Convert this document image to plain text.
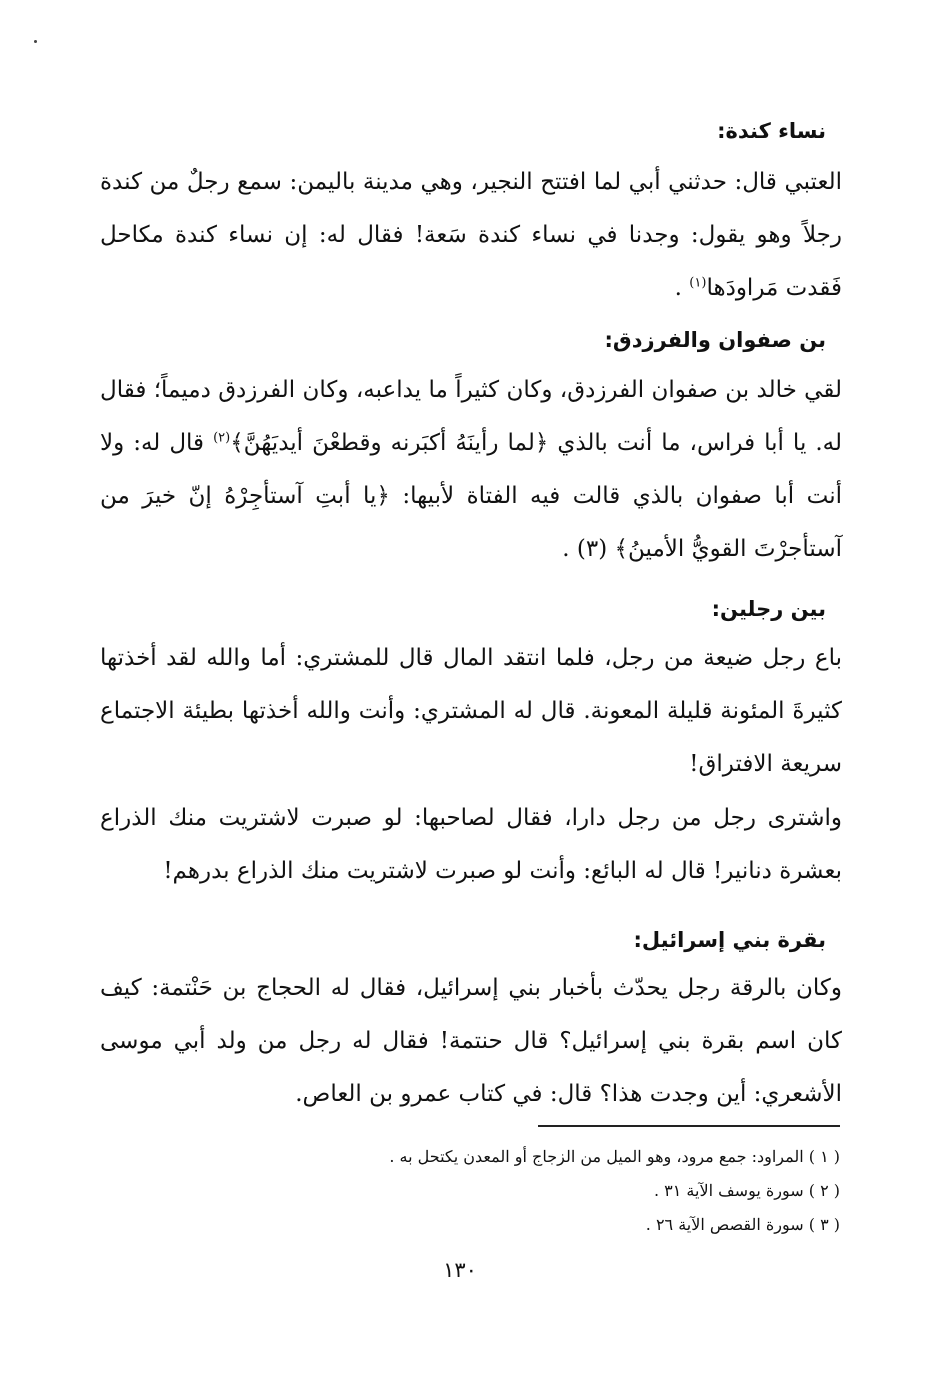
نساء كندة:
العتبي قال: حدثني أبي لما افتتح النجير، وهي مدينة باليمن: سمع رجلٌ من كندة رجلاً وهو يقول: وجدنا في نساء كندة سَعة! فقال له: إن نساء كندة مكاحل فَقدت مَراودَها$^{(١)}$ .
بن صفوان والفرزدق:
لقي خالد بن صفوان الفرزدق، وكان كثيراً ما يداعبه، وكان الفرزدق دميماً؛ فقال له. يا أبا فراس، ما أنت بالذي ﴿لما رأينَهُ أكبَرنه وقطعْنَ أيديَهُنَّ﴾$^{(٢)}$ قال له: ولا أنت أبا صفوان بالذي قالت فيه الفتاة لأبيها: ﴿يا أبتِ آستأجِرْهُ إنّ خيرَ من آستأجرْتَ القويُّ الأمينُ﴾ (٣) .
بين رجلين:
باع رجل ضيعة من رجل، فلما انتقد المال قال للمشتري: أما والله لقد أخذتها كثيرةَ المئونة قليلة المعونة. قال له المشتري: وأنت والله أخذتها بطيئة الاجتماع سريعة الافتراق!
واشترى رجل من رجل دارا، فقال لصاحبها: لو صبرت لاشتريت منك الذراع بعشرة دنانير! قال له البائع: وأنت لو صبرت لاشتريت منك الذراع بدرهم!
بقرة بني إسرائيل:
وكان بالرقة رجل يحدّث بأخبار بني إسرائيل، فقال له الحجاج بن حَنْتمة: كيف كان اسم بقرة بني إسرائيل؟ قال حنتمة! فقال له رجل من ولد أبي موسى الأشعري: أين وجدت هذا؟ قال: في كتاب عمرو بن العاص.
( ١ ) المراود: جمع مرود، وهو الميل من الزجاج أو المعدن يكتحل به .
( ٢ ) سورة يوسف الآية ٣١ .
( ٣ ) سورة القصص الآية ٢٦ .
١٣٠
